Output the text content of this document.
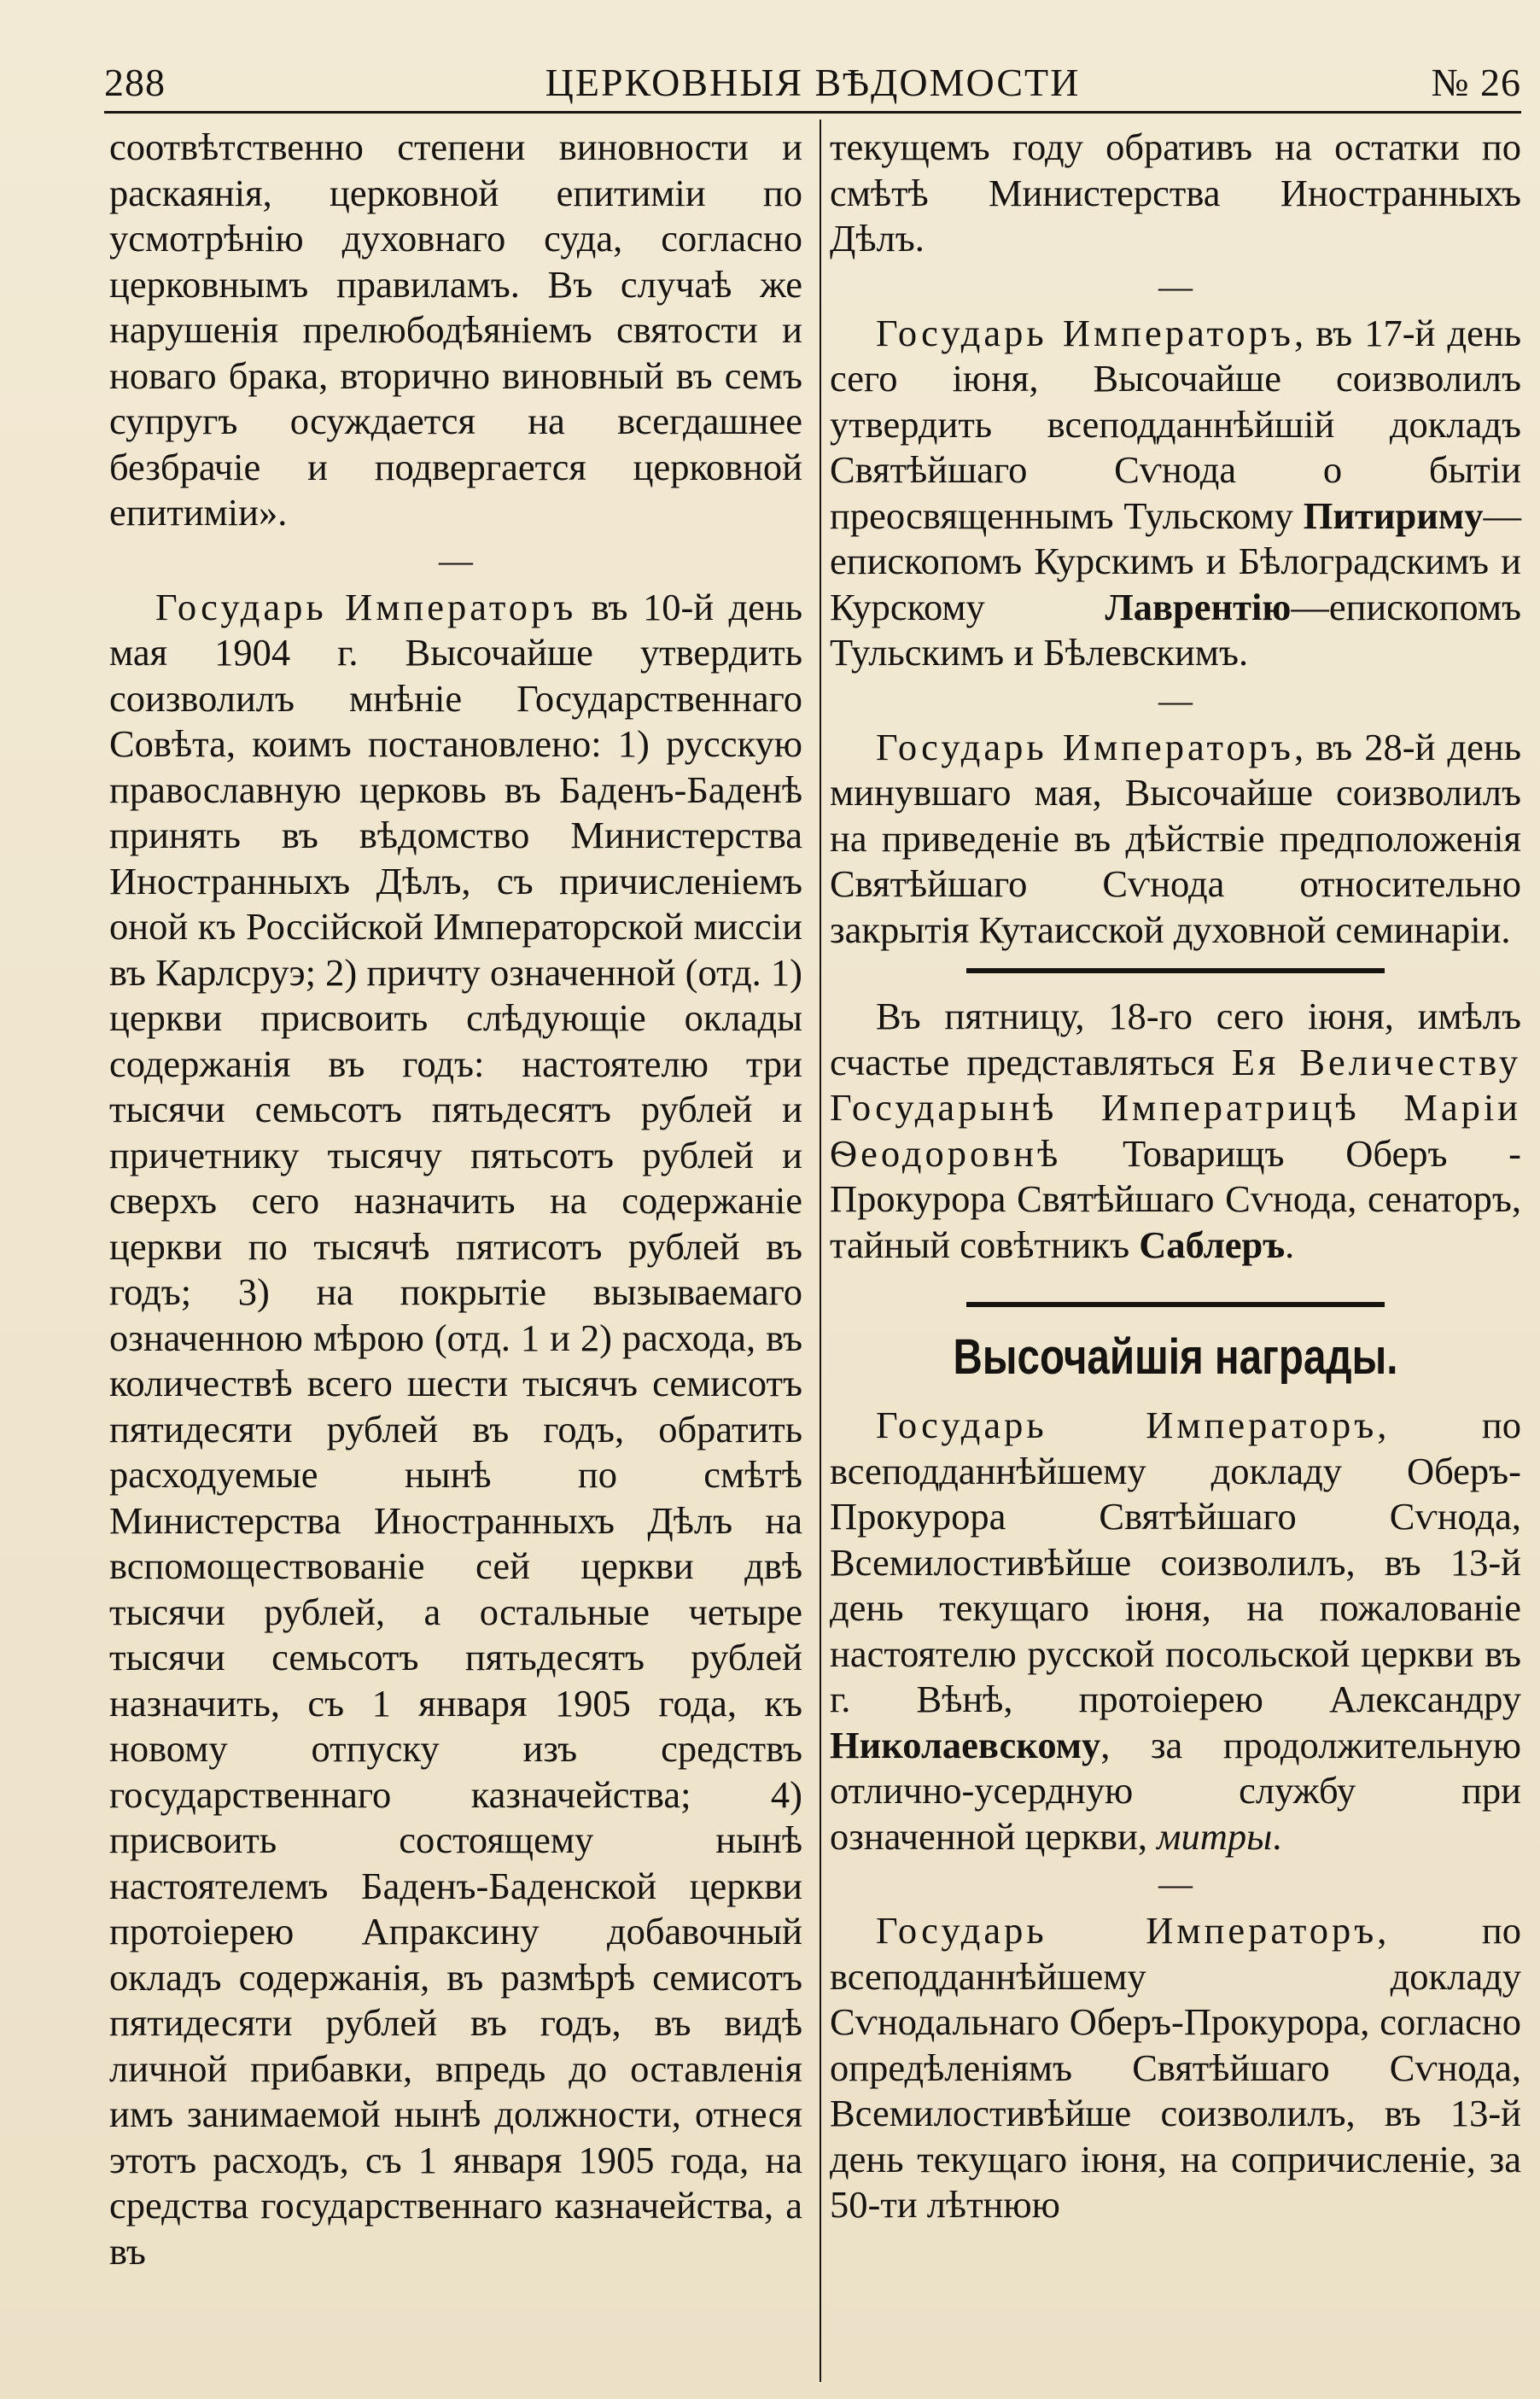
288	ЦЕРКОВНЫЯ ВѢДОМОСТИ	№ 26

соотвѣтственно степени виновности и раскаянія, церковной епитиміи по усмотрѣнію духовнаго суда, согласно церковнымъ правиламъ. Въ случаѣ же нарушенія прелюбодѣяніемъ святости и новаго брака, вторично виновный въ семъ супругъ осуждается на всегдашнее безбрачіе и подвергается церковной епитиміи».

—

Государь Императоръ въ 10-й день мая 1904 г. Высочайше утвердить соизволилъ мнѣніе Государственнаго Совѣта, коимъ постановлено: 1) русскую православную церковь въ Баденъ-Баденѣ принять въ вѣдомство Министерства Иностранныхъ Дѣлъ, съ причисленіемъ оной къ Россійской Императорской миссіи въ Карлсруэ; 2) причту означенной (отд. 1) церкви присвоить слѣдующіе оклады содержанія въ годъ: настоятелю три тысячи семьсотъ пятьдесятъ рублей и причетнику тысячу пятьсотъ рублей и сверхъ сего назначить на содержаніе церкви по тысячѣ пятисотъ рублей въ годъ; 3) на покрытіе вызываемаго означенною мѣрою (отд. 1 и 2) расхода, въ количествѣ всего шести тысячъ семисотъ пятидесяти рублей въ годъ, обратить расходуемые нынѣ по смѣтѣ Министерства Иностранныхъ Дѣлъ на вспомоществованіе сей церкви двѣ тысячи рублей, а остальные четыре тысячи семьсотъ пятьдесятъ рублей назначить, съ 1 января 1905 года, къ новому отпуску изъ средствъ государственнаго казначейства; 4) присвоить состоящему нынѣ настоятелемъ Баденъ-Баденской церкви протоіерею Апраксину добавочный окладъ содержанія, въ размѣрѣ семисотъ пятидесяти рублей въ годъ, въ видѣ личной прибавки, впредь до оставленія имъ занимаемой нынѣ должности, отнеся этотъ расходъ, съ 1 января 1905 года, на средства государственнаго казначейства, а въ

текущемъ году обративъ на остатки по смѣтѣ Министерства Иностранныхъ Дѣлъ.

—

Государь Императоръ, въ 17-й день сего іюня, Высочайше соизволилъ утвердить всеподданнѣйшій докладъ Святѣйшаго Сѵнода о бытіи преосвященнымъ Тульскому Питириму—епископомъ Курскимъ и Бѣлоградскимъ и Курскому Лаврентію—епископомъ Тульскимъ и Бѣлевскимъ.

—

Государь Императоръ, въ 28-й день минувшаго мая, Высочайше соизволилъ на приведеніе въ дѣйствіе предположенія Святѣйшаго Сѵнода относительно закрытія Кутаисской духовной семинаріи.

Въ пятницу, 18-го сего іюня, имѣлъ счастье представляться Ея Величеству Государынѣ Императрицѣ Маріи Ѳеодоровнѣ Товарищъ Оберъ - Прокурора Святѣйшаго Сѵнода, сенаторъ, тайный совѣтникъ Саблеръ.

Высочайшія награды.

Государь Императоръ, по всеподданнѣйшему докладу Оберъ-Прокурора Святѣйшаго Сѵнода, Всемилостивѣйше соизволилъ, въ 13-й день текущаго іюня, на пожалованіе настоятелю русской посольской церкви въ г. Вѣнѣ, протоіерею Александру Николаевскому, за продолжительную отлично-усердную службу при означенной церкви, митры.

—

Государь Императоръ, по всеподданнѣйшему докладу Сѵнодальнаго Оберъ-Прокурора, согласно опредѣленіямъ Святѣйшаго Сѵнода, Всемилостивѣйше соизволилъ, въ 13-й день текущаго іюня, на сопричисленіе, за 50-ти лѣтнюю
